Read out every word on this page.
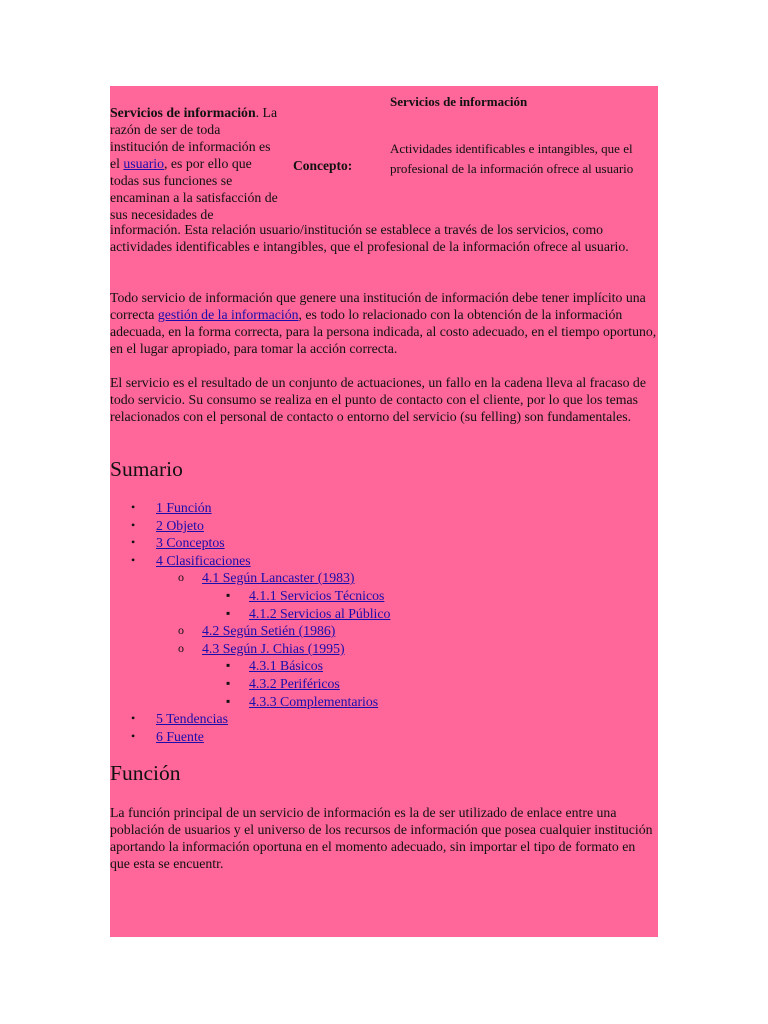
Servicios de información. La razón de ser de toda institución de información es el usuario, es por ello que todas sus funciones se encaminan a la satisfacción de sus necesidades de
Servicios de información
Concepto:
Actividades identificables e intangibles, que el profesional de la información ofrece al usuario

información. Esta relación usuario/institución se establece a través de los servicios, como actividades identificables e intangibles, que el profesional de la información ofrece al usuario.

Todo servicio de información que genere una institución de información debe tener implícito una correcta gestión de la información, es todo lo relacionado con la obtención de la información adecuada, en la forma correcta, para la persona indicada, al costo adecuado, en el tiempo oportuno, en el lugar apropiado, para tomar la acción correcta.

El servicio es el resultado de un conjunto de actuaciones, un fallo en la cadena lleva al fracaso de todo servicio. Su consumo se realiza en el punto de contacto con el cliente, por lo que los temas relacionados con el personal de contacto o entorno del servicio (su felling) son fundamentales.

Sumario
• 1 Función
• 2 Objeto
• 3 Conceptos
• 4 Clasificaciones
o 4.1 Según Lancaster (1983)
▪ 4.1.1 Servicios Técnicos
▪ 4.1.2 Servicios al Público
o 4.2 Según Setién (1986)
o 4.3 Según J. Chias (1995)
▪ 4.3.1 Básicos
▪ 4.3.2 Periféricos
▪ 4.3.3 Complementarios
• 5 Tendencias
• 6 Fuente
Función

La función principal de un servicio de información es la de ser utilizado de enlace entre una población de usuarios y el universo de los recursos de información que posea cualquier institución aportando la información oportuna en el momento adecuado, sin importar el tipo de formato en que esta se encuentr.
